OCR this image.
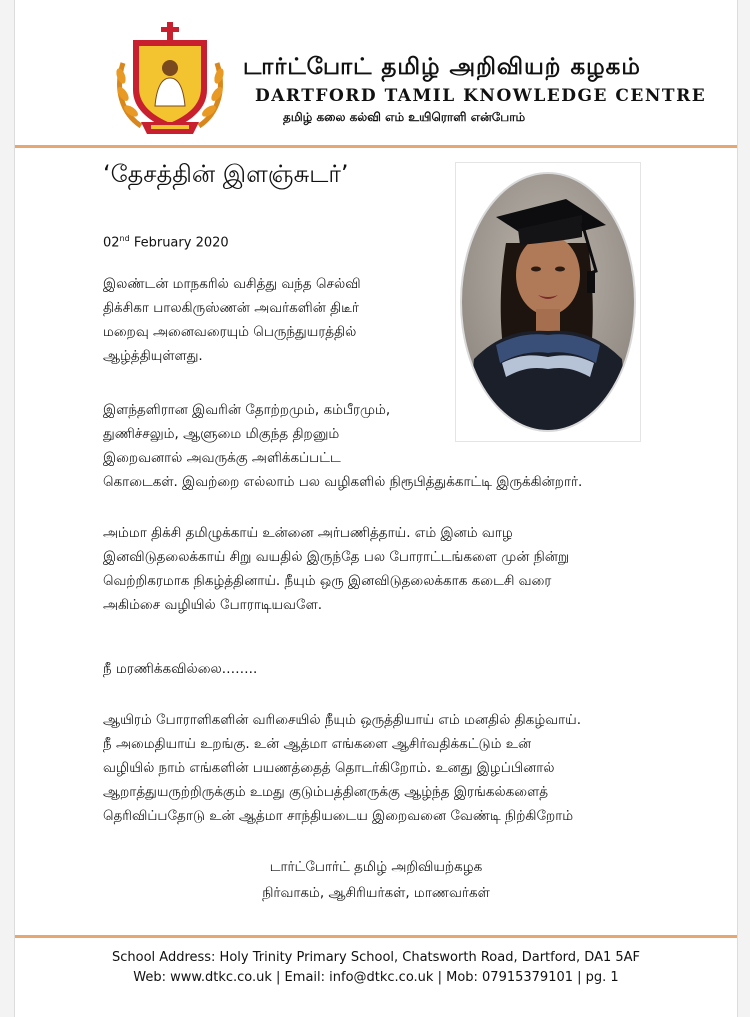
டார்ட்போட் தமிழ் அறிவியற் கழகம்
DARTFORD TAMIL KNOWLEDGE CENTRE
தமிழ் கலை கல்வி எம் உயிரொளி என்போம்
‘தேசத்தின் இளஞ்சுடர்’
02nd February 2020
இலண்டன் மாநகரில் வசித்து வந்த செல்வி
திக்சிகா பாலகிருஸ்ணன் அவர்களின் திடீர்
மறைவு அனைவரையும் பெருந்துயரத்தில்
ஆழ்த்தியுள்ளது.
இளந்தளிரான இவரின் தோற்றமும், கம்பீரமும்,
துணிச்சலும், ஆளுமை மிகுந்த திறனும்
இறைவனால் அவருக்கு அளிக்கப்பட்ட
கொடைகள். இவற்றை எல்லாம் பல வழிகளில் நிரூபித்துக்காட்டி இருக்கின்றார்.
அம்மா திக்சி தமிழுக்காய் உன்னை அர்பணித்தாய். எம் இனம் வாழ
இனவிடுதலைக்காய் சிறு வயதில் இருந்தே பல போராட்டங்களை முன் நின்று
வெற்றிகரமாக நிகழ்த்தினாய். நீயும் ஒரு இனவிடுதலைக்காக கடைசி வரை
அகிம்சை வழியில் போராடியவளே.
நீ மரணிக்கவில்லை……..
ஆயிரம் போராளிகளின் வரிசையில் நீயும் ஒருத்தியாய் எம் மனதில் திகழ்வாய்.
நீ அமைதியாய் உறங்கு. உன் ஆத்மா எங்களை ஆசிர்வதிக்கட்டும் உன்
வழியில் நாம் எங்களின் பயணத்தைத் தொடர்கிறோம். உனது இழப்பினால்
ஆறாத்துயருற்றிருக்கும் உமது குடும்பத்தினருக்கு ஆழ்ந்த இரங்கல்களைத்
தெரிவிப்பதோடு உன் ஆத்மா சாந்தியடைய இறைவனை வேண்டி நிற்கிறோம்
டார்ட்போர்ட் தமிழ் அறிவியற்கழக
நிர்வாகம், ஆசிரியர்கள், மாணவர்கள்
School Address: Holy Trinity Primary School, Chatsworth Road, Dartford, DA1 5AF
Web: www.dtkc.co.uk | Email: info@dtkc.co.uk | Mob: 07915379101 | pg. 1
